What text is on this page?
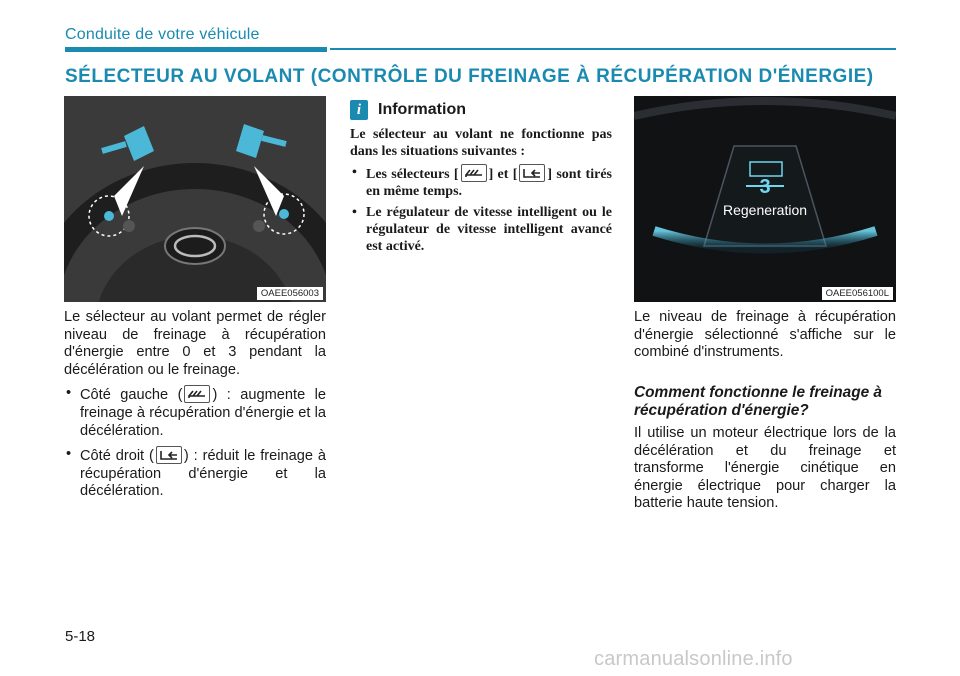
Conduite de votre véhicule
SÉLECTEUR AU VOLANT (CONTRÔLE DU FREINAGE À RÉCUPÉRATION D'ÉNERGIE)
OAEE056003

Le sélecteur au volant permet de régler niveau de freinage à récupération d'énergie entre 0 et 3 pendant la décélération ou le freinage.

• Côté gauche ( ) : augmente le freinage à récupération d'énergie et la décélération.
• Côté droit ( ) : réduit le freinage à récupération d'énergie et la décélération.
i	Information

Le sélecteur au volant ne fonctionne pas dans les situations suivantes :

• Les sélecteurs [ ] et [ ] sont tirés en même temps.
• Le régulateur de vitesse intelligent ou le régulateur de vitesse intelligent avancé est activé.
3
Regeneration
OAEE056100L

Le niveau de freinage à récupération d'énergie sélectionné s'affiche sur le combiné d'instruments.

Comment fonctionne le freinage à récupération d'énergie?
Il utilise un moteur électrique lors de la décélération et du freinage et transforme l'énergie cinétique en énergie électrique pour charger la batterie haute tension.
5-18
carmanualsonline.info
